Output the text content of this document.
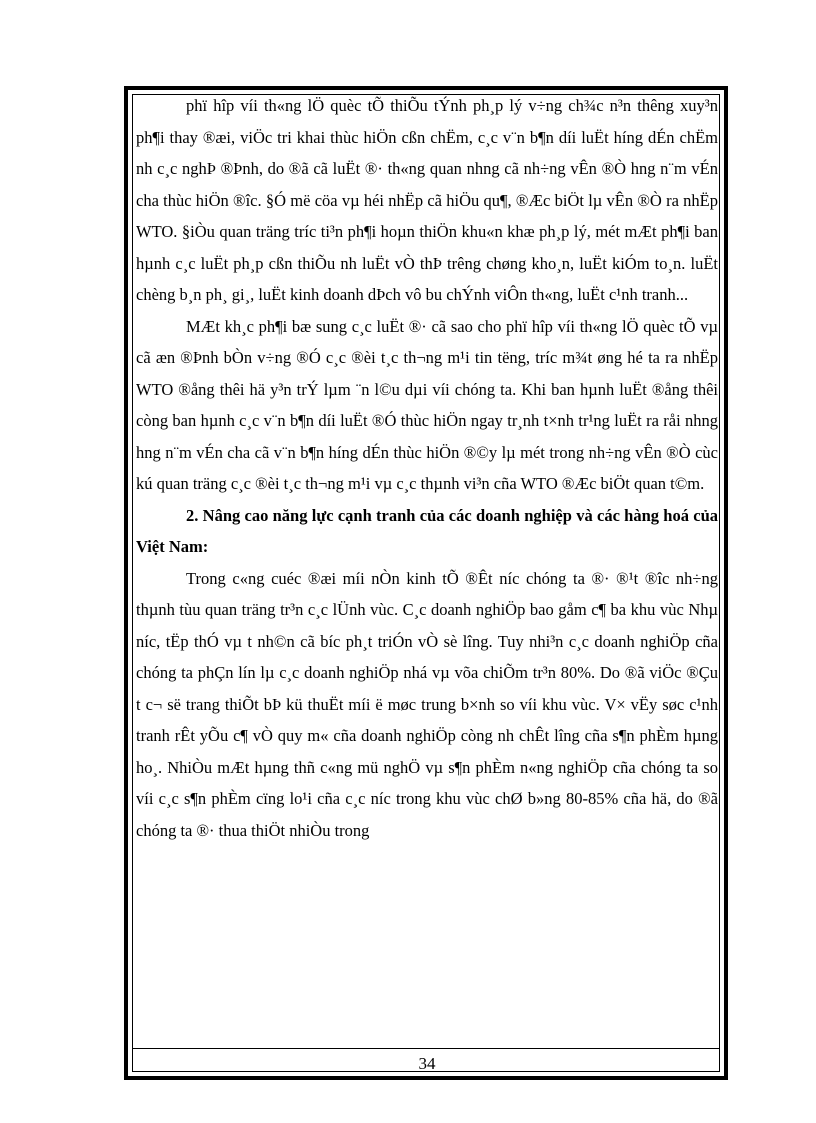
phï hîp víi th«ng lÖ quèc tÕ thiÕu tÝnh ph¸p lý v÷ng ch¾c n³n thêng xuy³n ph¶i thay ®æi, viÖc tri khai thùc hiÖn cßn chËm, c¸c v¨n b¶n díi luËt híng dÉn chËm nh c¸c nghÞ ®Þnh, do ®ã cã luËt ®· th«ng quan nhng cã nh÷ng vÊn ®Ò hng n¨m vÉn cha thùc hiÖn ®îc. §Ó më cöa vµ héi nhËp cã hiÖu qu¶, ®Æc biÖt lµ vÊn ®Ò ra nhËp WTO. §iÒu quan träng tríc ti³n ph¶i hoµn thiÖn khu«n khæ ph¸p lý, mét mÆt ph¶i ban hµnh c¸c luËt ph¸p cßn thiÕu nh luËt vÒ thÞ trêng chøng kho¸n, luËt kiÓm to¸n. luËt chèng b¸n ph¸ gi¸, luËt kinh doanh dÞch vô bu chÝnh viÔn th«ng, luËt c¹nh tranh...

MÆt kh¸c ph¶i bæ sung c¸c luËt ®· cã sao cho phï hîp víi th«ng lÖ quèc tÕ vµ cã æn ®Þnh bÒn v÷ng ®Ó c¸c ®èi t¸c th¬ng m¹i tin tëng, tríc m¾t øng hé ta ra nhËp WTO ®ång thêi hä y³n trÝ lµm ¨n l©u dµi víi chóng ta. Khi ban hµnh luËt ®ång thêi còng ban hµnh c¸c v¨n b¶n díi luËt ®Ó thùc hiÖn ngay tr¸nh t×nh tr¹ng luËt ra råi nhng hng n¨m vÉn cha cã v¨n b¶n híng dÉn thùc hiÖn ®©y lµ mét trong nh÷ng vÊn ®Ò cùc kú quan träng c¸c ®èi t¸c th¬ng m¹i vµ c¸c thµnh vi³n cña WTO ®Æc biÖt quan t©m.

2. Nâng cao năng lực cạnh tranh của các doanh nghiệp và các hàng hoá của Việt Nam:

Trong c«ng cuéc ®æi míi nÒn kinh tÕ ®Êt níc chóng ta ®· ®¹t ®îc nh÷ng thµnh tùu quan träng tr³n c¸c lÜnh vùc. C¸c doanh nghiÖp bao gåm c¶ ba khu vùc Nhµ níc, tËp thÓ vµ t nh©n cã bíc ph¸t triÓn vÒ sè lîng. Tuy nhi³n c¸c doanh nghiÖp cña chóng ta phÇn lín lµ c¸c doanh nghiÖp nhá vµ võa chiÕm tr³n 80%. Do ®ã viÖc ®Çu t c¬ së trang thiÕt bÞ kü thuËt míi ë møc trung b×nh so víi khu vùc. V× vËy søc c¹nh tranh rÊt yÕu c¶ vÒ quy m« cña doanh nghiÖp còng nh chÊt lîng cña s¶n phÈm hµng ho¸. NhiÒu mÆt hµng thñ c«ng mü nghÖ vµ s¶n phÈm n«ng nghiÖp cña chóng ta so víi c¸c s¶n phÈm cïng lo¹i cña c¸c níc trong khu vùc chØ b»ng 80-85% cña hä, do ®ã chóng ta ®· thua thiÖt nhiÒu trong

34
